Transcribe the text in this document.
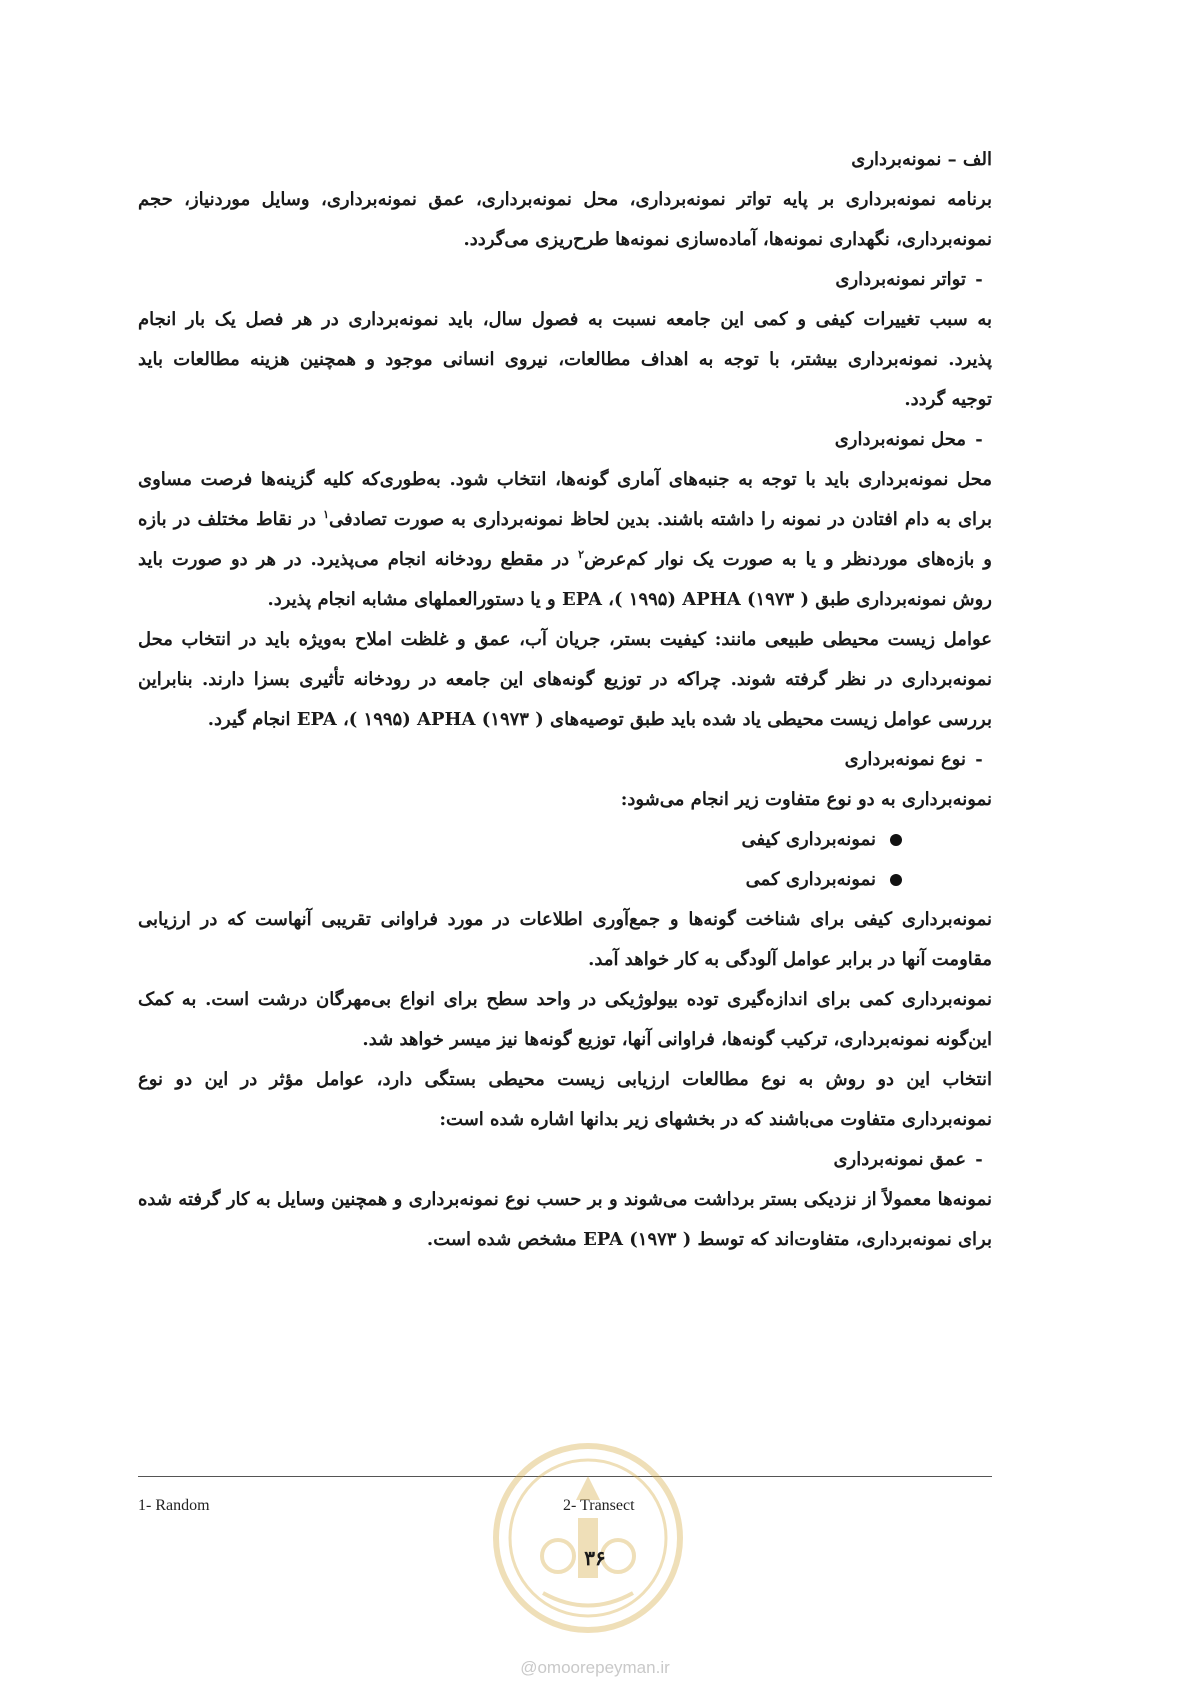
الف – نمونه‌برداری
برنامه نمونه‌برداری بر پایه تواتر نمونه‌برداری، محل نمونه‌برداری، عمق نمونه‌برداری، وسایل موردنیاز، حجم
نمونه‌برداری، نگهداری نمونه‌ها، آماده‌سازی نمونه‌ها طرح‌ریزی می‌گردد.
-تواتر نمونه‌برداری
به سبب تغییرات کیفی و کمی این جامعه نسبت به فصول سال، باید نمونه‌برداری در هر فصل یک بار انجام
پذیرد. نمونه‌برداری بیشتر، با توجه به اهداف مطالعات، نیروی انسانی موجود و همچنین هزینه مطالعات باید
توجیه گردد.
-محل نمونه‌برداری
محل نمونه‌برداری باید با توجه به جنبه‌های آماری گونه‌ها، انتخاب شود. به‌طوری‌که کلیه گزینه‌ها فرصت مساوی
برای به دام افتادن در نمونه را داشته باشند. بدین لحاظ نمونه‌برداری به صورت تصادفی$^۱$ در نقاط مختلف در بازه
و بازه‌های موردنظر و یا به صورت یک نوار کم‌عرض$^۲$ در مقطع رودخانه انجام می‌پذیرد. در هر دو صورت باید
روش نمونه‌برداری طبق ( ۱۹۷۳) EPA ،( ۱۹۹۵) APHA و یا دستورالعملهای مشابه انجام پذیرد.
عوامل زیست محیطی طبیعی مانند: کیفیت بستر، جریان آب، عمق و غلظت املاح به‌ویژه باید در انتخاب محل
نمونه‌برداری در نظر گرفته شوند. چراکه در توزیع گونه‌های این جامعه در رودخانه تأثیری بسزا دارند. بنابراین
بررسی عوامل زیست محیطی یاد شده باید طبق توصیه‌های ( ۱۹۷۳) EPA ،( ۱۹۹۵) APHA انجام گیرد.
-نوع نمونه‌برداری
نمونه‌برداری به دو نوع متفاوت زیر انجام می‌شود:
نمونه‌برداری کیفی
نمونه‌برداری کمی
نمونه‌برداری کیفی برای شناخت گونه‌ها و جمع‌آوری اطلاعات در مورد فراوانی تقریبی آنهاست که در ارزیابی
مقاومت آنها در برابر عوامل آلودگی به کار خواهد آمد.
نمونه‌برداری کمی برای اندازه‌گیری توده بیولوژیکی در واحد سطح برای انواع بی‌مهرگان درشت است. به کمک
این‌گونه نمونه‌برداری، ترکیب گونه‌ها، فراوانی آنها، توزیع گونه‌ها نیز میسر خواهد شد.
انتخاب این دو روش به نوع مطالعات ارزیابی زیست محیطی بستگی دارد، عوامل مؤثر در این دو نوع
نمونه‌برداری متفاوت می‌باشند که در بخشهای زیر بدانها اشاره شده است:
-عمق نمونه‌برداری
نمونه‌ها معمولاً از نزدیکی بستر برداشت می‌شوند و بر حسب نوع نمونه‌برداری و همچنین وسایل به کار گرفته شده
برای نمونه‌برداری، متفاوت‌اند که توسط ( ۱۹۷۳) EPA مشخص شده است.
1- Random	2- Transect
۳۶
@omoorepeyman.ir
